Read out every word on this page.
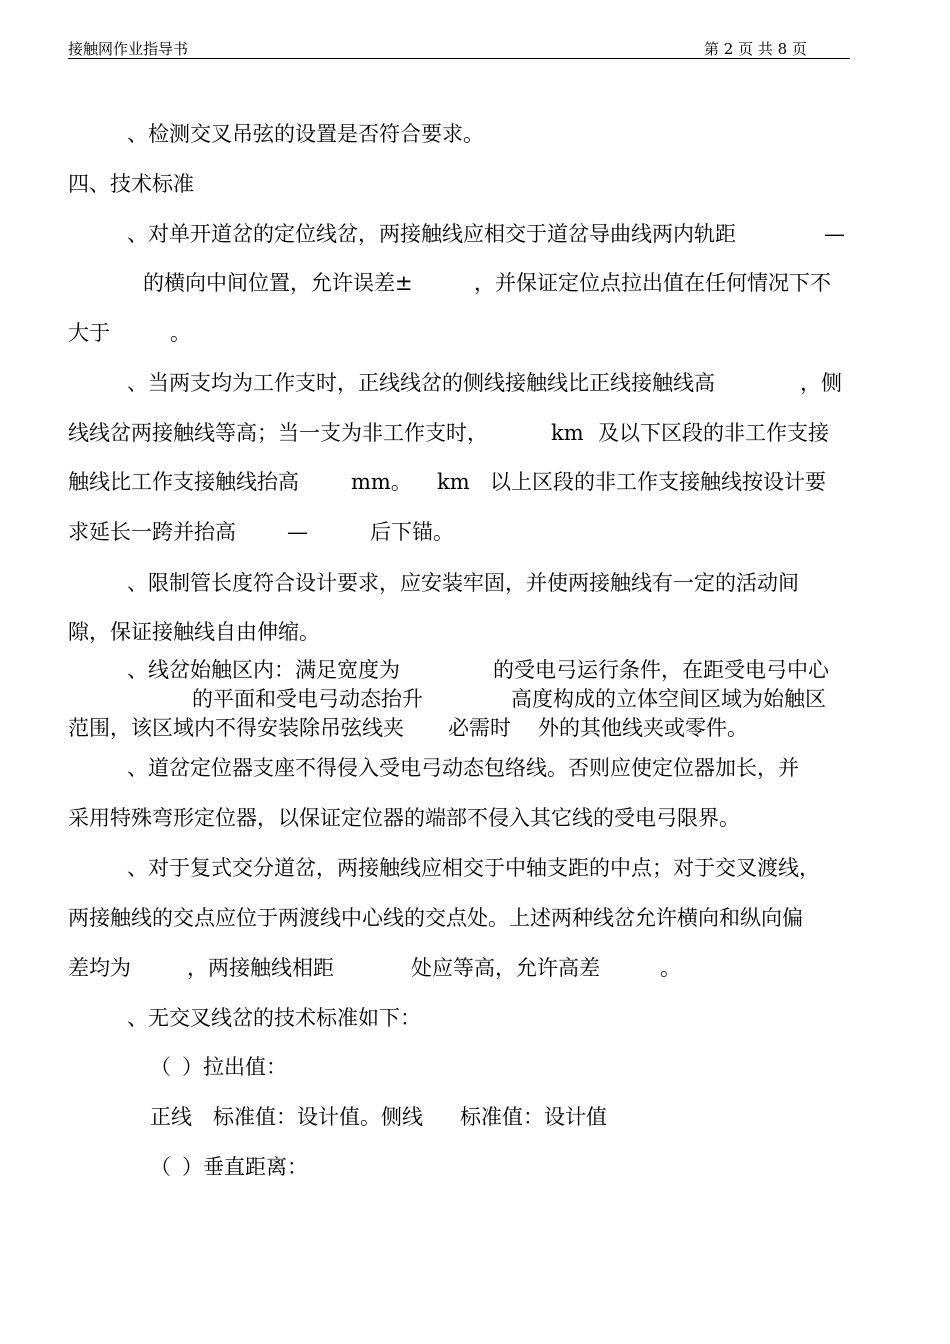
接触网作业指导书	第 2 页 共 8 页
、检测交叉吊弦的设置是否符合要求。
四、技术标准
、对单开道岔的定位线岔，两接触线应相交于道岔导曲线两内轨距	—
的横向中间位置，允许误差±	，并保证定位点拉出值在任何情况下不
大于	。
、当两支均为工作支时，正线线岔的侧线接触线比正线接触线高	，侧
线线岔两接触线等高；当一支为非工作支时，	km 及以下区段的非工作支接
触线比工作支接触线抬高 mm。 km 以上区段的非工作支接触线按设计要
求延长一跨并抬高 —	后下锚。
、限制管长度符合设计要求，应安装牢固，并使两接触线有一定的活动间
隙，保证接触线自由伸缩。
、线岔始触区内：满足宽度为	的受电弓运行条件，在距受电弓中心
的平面和受电弓动态抬升	高度构成的立体空间区域为始触区
范围，该区域内不得安装除吊弦线夹 必需时 外的其他线夹或零件。
、道岔定位器支座不得侵入受电弓动态包络线。否则应使定位器加长，并
采用特殊弯形定位器，以保证定位器的端部不侵入其它线的受电弓限界。
、对于复式交分道岔，两接触线应相交于中轴支距的中点；对于交叉渡线，
两接触线的交点应位于两渡线中心线的交点处。上述两种线岔允许横向和纵向偏
差均为	，两接触线相距	处应等高，允许高差	。
、无交叉线岔的技术标准如下：
（ ）拉出值：
正线 标准值：设计值。侧线 标准值：设计值
（ ）垂直距离：
